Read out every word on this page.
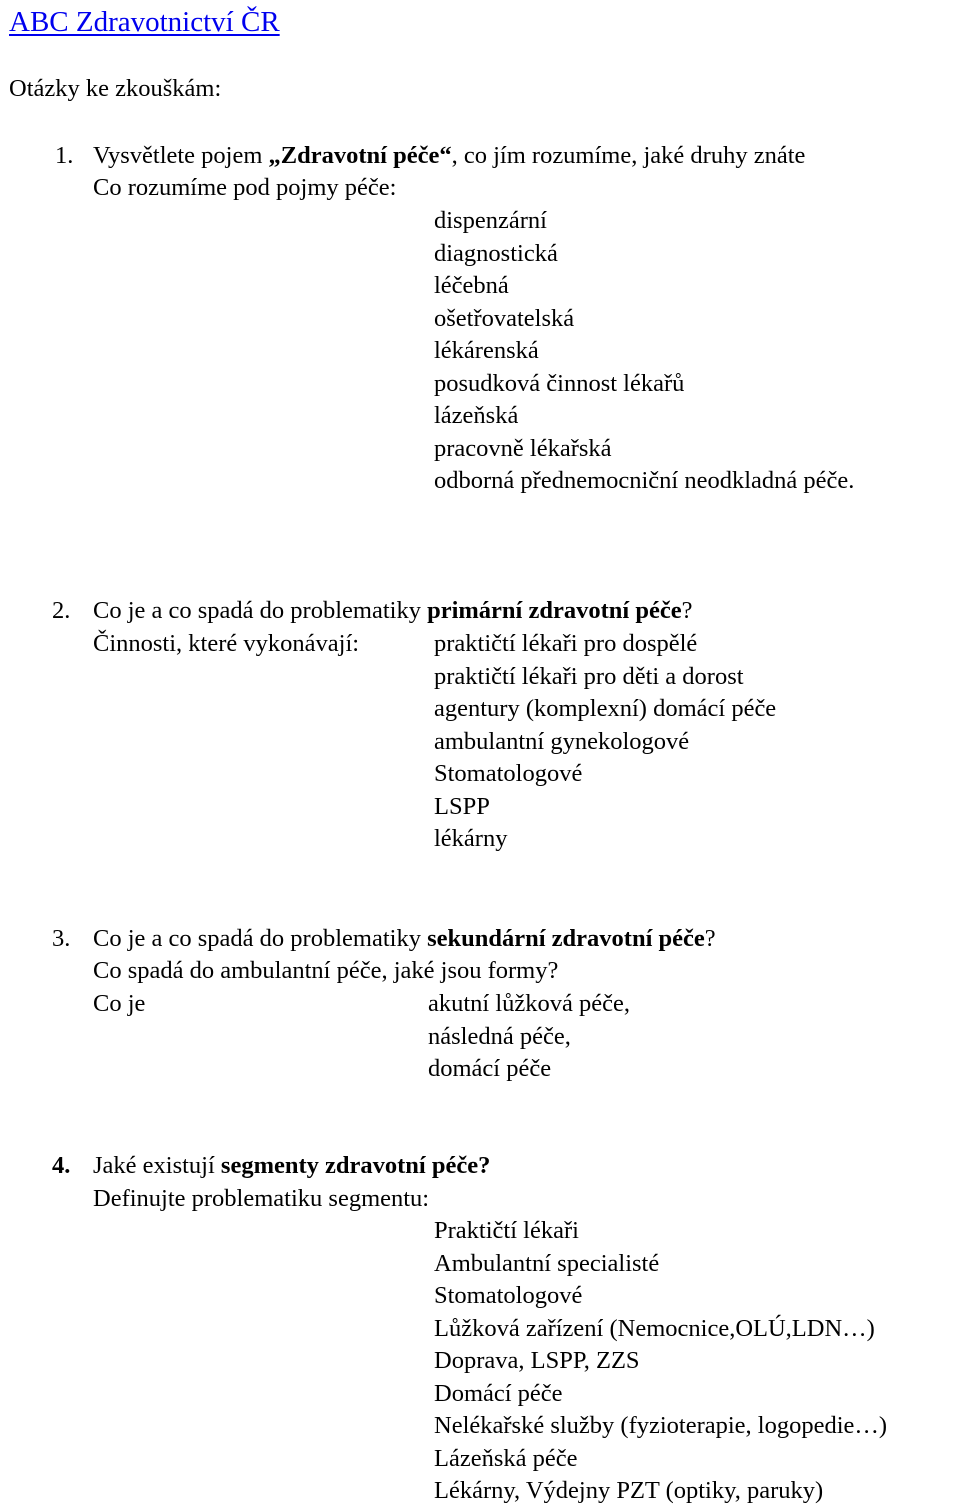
ABC Zdravotnictví ČR
Otázky ke zkouškám:
1. Vysvětlete pojem „Zdravotní péče“, co jím rozumíme, jaké druhy znáte
Co rozumíme pod pojmy péče:
dispenzární
diagnostická
léčebná
ošetřovatelská
lékárenská
posudková činnost lékařů
lázeňská
pracovně lékařská
odborná přednemocniční neodkladná péče.
2. Co je a co spadá do problematiky primární zdravotní péče?
Činnosti, které vykonávají:	praktičtí lékaři pro dospělé
praktičtí lékaři pro děti a dorost
agentury (komplexní) domácí péče
ambulantní gynekologové
Stomatologové
LSPP
lékárny
3. Co je a co spadá do problematiky sekundární zdravotní péče?
Co spadá do ambulantní péče, jaké jsou formy?
Co je	akutní lůžková péče,
následná péče,
domácí péče
4. Jaké existují segmenty zdravotní péče?
Definujte problematiku segmentu:
Praktičtí lékaři
Ambulantní specialisté
Stomatologové
Lůžková zařízení (Nemocnice,OLÚ,LDN…)
Doprava, LSPP, ZZS
Domácí péče
Nelékařské služby (fyzioterapie, logopedie…)
Lázeňská péče
Lékárny, Výdejny PZT (optiky, paruky)
